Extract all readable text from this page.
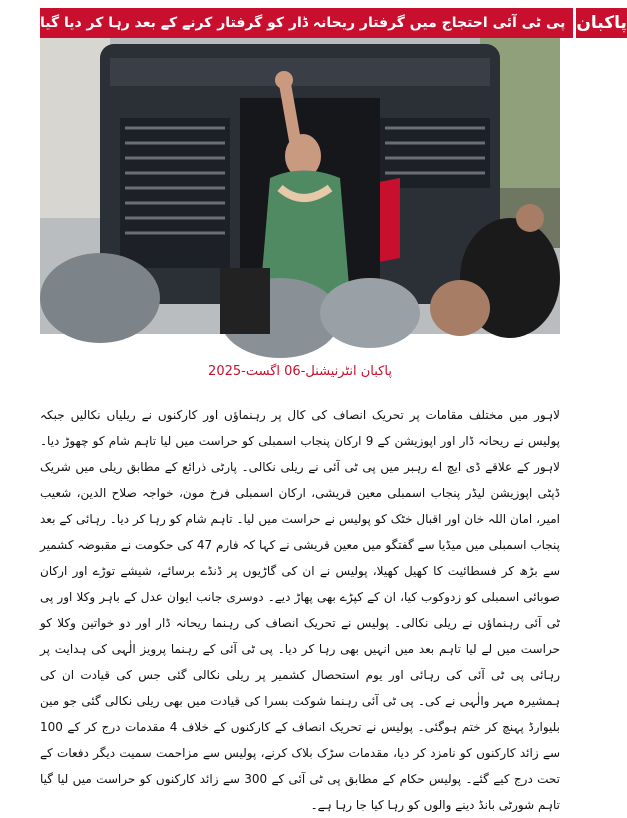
پی ٹی آئی احتجاج میں گرفتار ریحانہ ڈار کو گرفتار کرنے کے بعد رہا کر دیا گیا پاکبان
پاکبان انٹرنیشنل-06 اگست-2025
لاہور میں مختلف مقامات پر تحریک انصاف کی کال پر رہنماؤں اور کارکنوں نے ریلیاں نکالیں جبکہ پولیس نے ریحانہ ڈار اور اپوزیشن کے 9 ارکان پنجاب اسمبلی کو حراست میں لیا تاہم شام کو چھوڑ دیا۔ لاہور کے علاقے ڈی ایچ اے رہبر میں پی ٹی آئی نے ریلی نکالی۔ پارٹی ذرائع کے مطابق ریلی میں شریک ڈپٹی اپوزیشن لیڈر پنجاب اسمبلی معین قریشی، ارکان اسمبلی فرخ مون، خواجہ صلاح الدین، شعیب امیر، امان اللہ خان اور اقبال خٹک کو پولیس نے حراست میں لیا۔ تاہم شام کو رہا کر دیا۔ رہائی کے بعد پنجاب اسمبلی میں میڈیا سے گفتگو میں معین قریشی نے کہا کہ فارم 47 کی حکومت نے مقبوضہ کشمیر سے بڑھ کر فسطائیت کا کھیل کھیلا، پولیس نے ان کی گاڑیوں پر ڈنڈے برسائے، شیشے توڑے اور ارکان صوبائی اسمبلی کو زدوکوب کیا، ان کے کپڑے بھی پھاڑ دیے۔ دوسری جانب ایوان عدل کے باہر وکلا اور پی ٹی آئی رہنماؤں نے ریلی نکالی۔ پولیس نے تحریک انصاف کی رہنما ریحانہ ڈار اور دو خواتین وکلا کو حراست میں لے لیا تاہم بعد میں انہیں بھی رہا کر دیا۔ پی ٹی آئی کے رہنما پرویز الٰہی کی ہدایت پر رہائی پی ٹی آئی کی رہائی اور یوم استحصال کشمیر پر ریلی نکالی گئی جس کی قیادت ان کی ہمشیرہ مہر والٰہی نے کی۔ پی ٹی آئی رہنما شوکت بسرا کی قیادت میں بھی ریلی نکالی گئی جو مین بلیوارڈ پہنچ کر ختم ہوگئی۔ پولیس نے تحریک انصاف کے کارکنوں کے خلاف 4 مقدمات درج کر کے 100 سے زائد کارکنوں کو نامزد کر دیا، مقدمات سڑک بلاک کرنے، پولیس سے مزاحمت سمیت دیگر دفعات کے تحت درج کیے گئے۔ پولیس حکام کے مطابق پی ٹی آئی کے 300 سے زائد کارکنوں کو حراست میں لیا گیا تاہم شورٹی بانڈ دینے والوں کو رہا کیا جا رہا ہے۔
